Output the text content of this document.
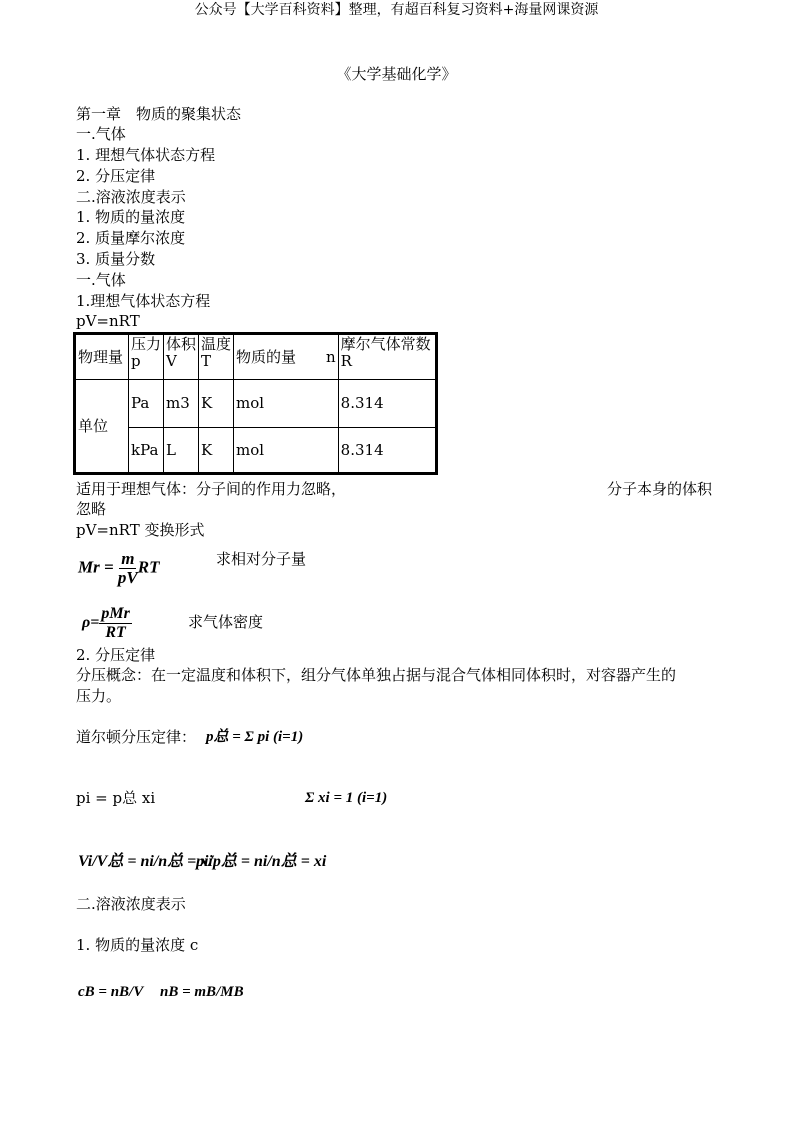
公众号【大学百科资料】整理，有超百科复习资料+海量网课资源
《大学基础化学》
第一章　物质的聚集状态
一.气体
1. 理想气体状态方程
2. 分压定律
二.溶液浓度表示
1. 物质的量浓度
2. 质量摩尔浓度
3. 质量分数
一.气体
1.理想气体状态方程
pV=nRT
物理量	压力p	体积V	温度T	物质的量　　n	摩尔气体常数R
单位	Pa	m3	K	mol	8.314
	kPa	L	K	mol	8.314
适用于理想气体：分子间的作用力忽略，	分子本身的体积
忽略
pV=nRT 变换形式
$Mr = \frac{m}{pV}$ RT	求相对分子量
$\rho= \frac{\text{pMr}}{RT}$	求气体密度
2. 分压定律
分压概念：在一定温度和体积下，组分气体单独占据与混合气体相同体积时，对容器产生的
压力。
道尔顿分压定律： p总 = Σ pi (i=1)
pi = p总 xi	Σ xi = 1 (i=1)
Vi/V总 = ni/n总 = xi
pi/p总 = ni/n总 = xi
二.溶液浓度表示
1. 物质的量浓度 c
cB = nB/V nB = mB/MB
